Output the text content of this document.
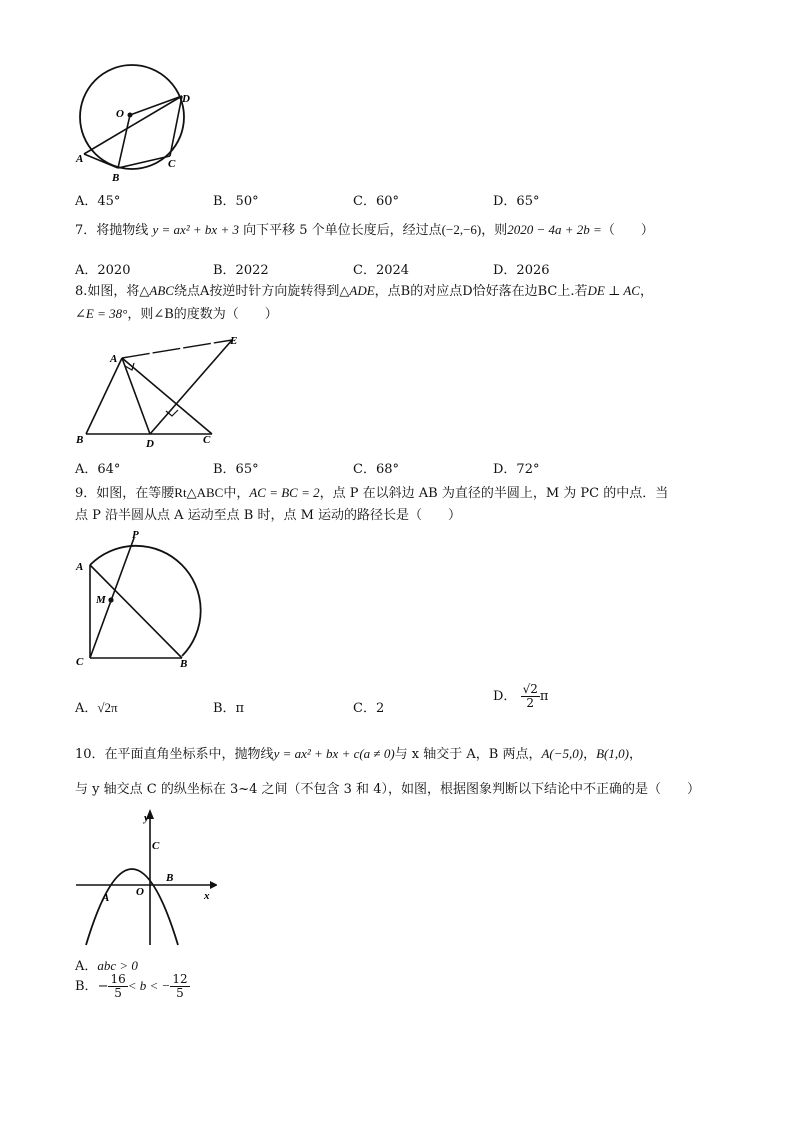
O
D
A
B
C
A．45°	B．50°	C．60°	D．65°
7．将抛物线 y = ax² + bx + 3 向下平移 5 个单位长度后，经过点(−2,−6)，则2020 − 4a + 2b =（　　）
A．2020	B．2022	C．2024	D．2026
8.如图，将△ABC绕点A按逆时针方向旋转得到△ADE，点B的对应点D恰好落在边BC上.若DE ⊥ AC，
∠E = 38°，则∠B的度数为（　　）
A
E
B	D	C
A．64°	B．65°	C．68°	D．72°
9．如图，在等腰Rt△ABC中，AC = BC = 2，点 P 在以斜边 AB 为直径的半圆上，M 为 PC 的中点．当
点 P 沿半圆从点 A 运动至点 B 时，点 M 运动的路径长是（　　）
P
A
M
C	B
A．√2π	B．π	C．2
D． $\frac{√2}{2}$ π
10．在平面直角坐标系中，抛物线y = ax² + bx + c(a ≠ 0)与 x 轴交于 A，B 两点，A(−5,0)，B(1,0)，
与 y 轴交点 C 的纵坐标在 3~4 之间（不包含 3 和 4），如图，根据图象判断以下结论中不正确的是（　　）
y
x
C
A O
B
A．abc > 0
B．− $\frac{16}{5} < b$ < − $\frac{12}{5}$
